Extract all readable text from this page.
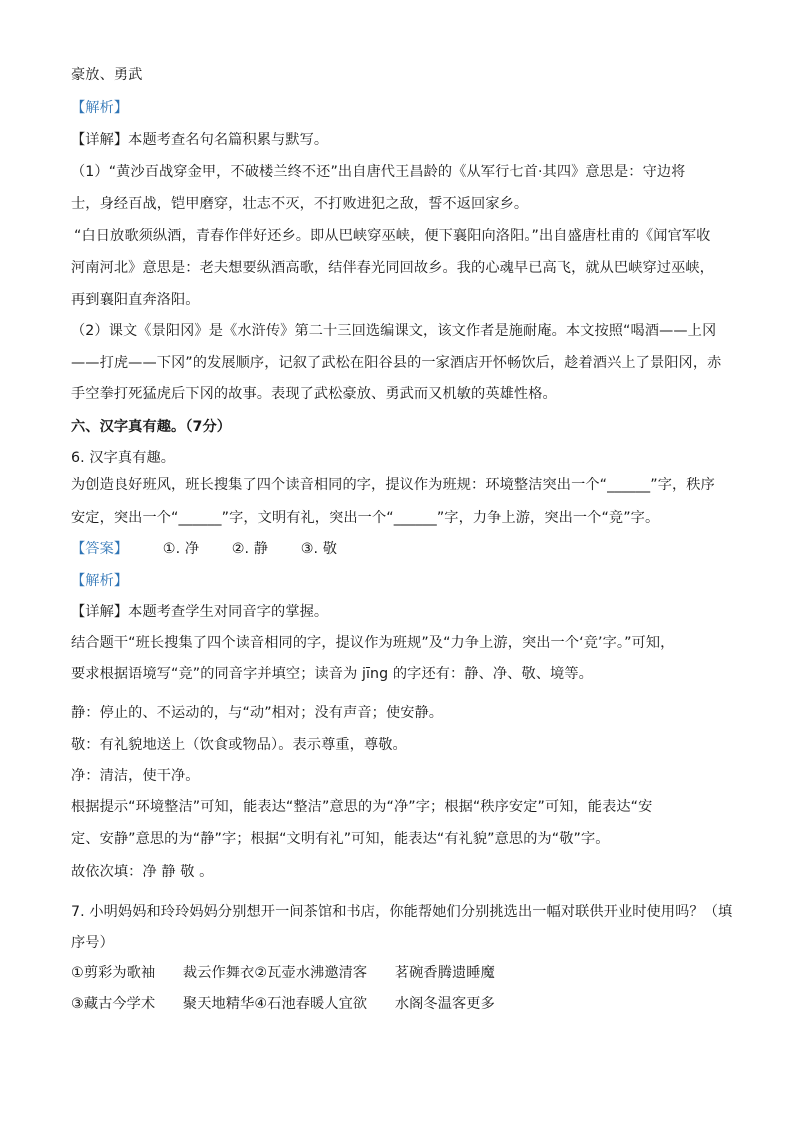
豪放、勇武
【解析】
【详解】本题考查名句名篇积累与默写。
（1）“黄沙百战穿金甲，不破楼兰终不还”出自唐代王昌龄的《从军行七首·其四》意思是：守边将
士，身经百战，铠甲磨穿，壮志不灭，不打败进犯之敌，誓不返回家乡。
“白日放歌须纵酒，青春作伴好还乡。即从巴峡穿巫峡，便下襄阳向洛阳。”出自盛唐杜甫的《闻官军收
河南河北》意思是：老夫想要纵酒高歌，结伴春光同回故乡。我的心魂早已高飞，就从巴峡穿过巫峡，
再到襄阳直奔洛阳。
（2）课文《景阳冈》是《水浒传》第二十三回选编课文，该文作者是施耐庵。本文按照“喝酒——上冈
——打虎——下冈”的发展顺序，记叙了武松在阳谷县的一家酒店开怀畅饮后，趁着酒兴上了景阳冈，赤
手空拳打死猛虎后下冈的故事。表现了武松豪放、勇武而又机敏的英雄性格。
六、汉字真有趣。（7分）
6. 汉字真有趣。
为创造良好班风，班长搜集了四个读音相同的字，提议作为班规：环境整洁突出一个“______”字，秩序
安定，突出一个“______”字，文明有礼，突出一个“______”字，力争上游，突出一个“竞”字。
【答案】 ①. 净 ②. 静 ③. 敬
【解析】
【详解】本题考查学生对同音字的掌握。
结合题干“班长搜集了四个读音相同的字，提议作为班规”及“力争上游，突出一个‘竞’字。”可知，
要求根据语境写“竞”的同音字并填空；读音为 jīng 的字还有：静、净、敬、境等。
静：停止的、不运动的，与“动”相对；没有声音；使安静。
敬：有礼貌地送上（饮食或物品）。表示尊重，尊敬。
净：清洁，使干净。
根据提示“环境整洁”可知，能表达“整洁”意思的为“净”字；根据“秩序安定”可知，能表达“安
定、安静”意思的为“静”字；根据“文明有礼”可知，能表达“有礼貌”意思的为“敬”字。
故依次填：净 静 敬 。
7. 小明妈妈和玲玲妈妈分别想开一间茶馆和书店，你能帮她们分别挑选出一幅对联供开业时使用吗？（填
序号）
①剪彩为歌袖      裁云作舞衣②瓦壶水沸邀清客      茗碗香腾遗睡魔
③藏古今学术      聚天地精华④石池春暖人宜欲      水阁冬温客更多
